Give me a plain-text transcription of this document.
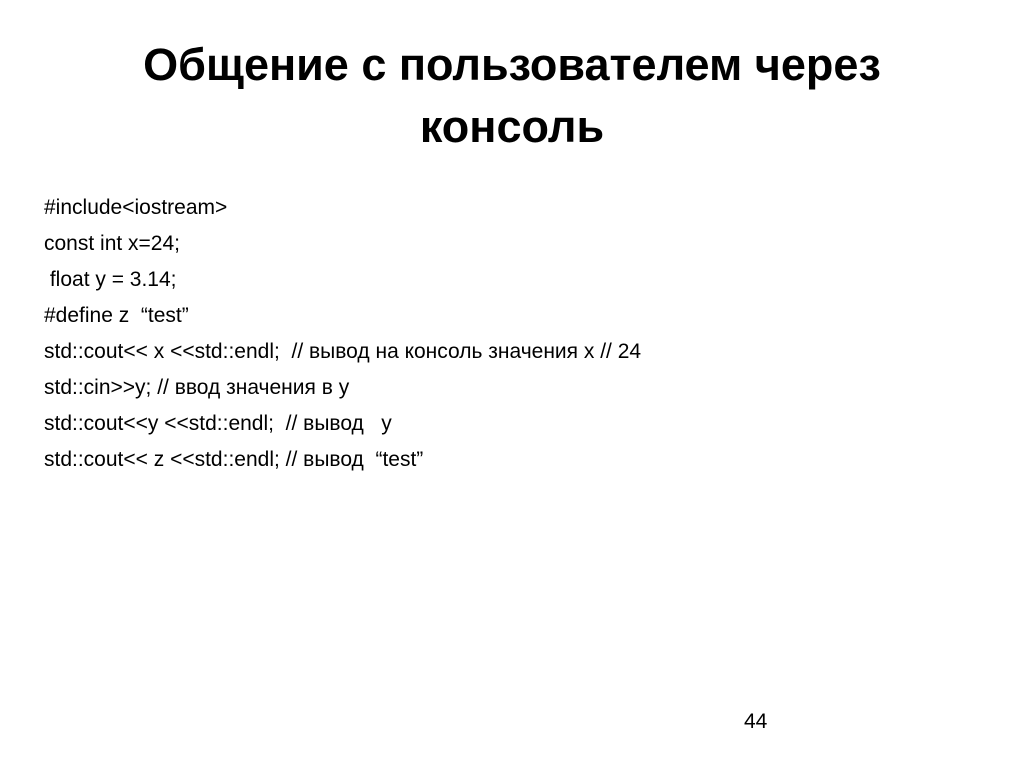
Общение с пользователем через
консоль
#include<iostream>
const int x=24;
float y = 3.14;
#define z  “test”
std::cout<< x <<std::endl;  // вывод на консоль значения x // 24
std::cin>>y; // ввод значения в y
std::cout<<y <<std::endl;  // вывод   y
std::cout<< z <<std::endl; // вывод  “test”
44
